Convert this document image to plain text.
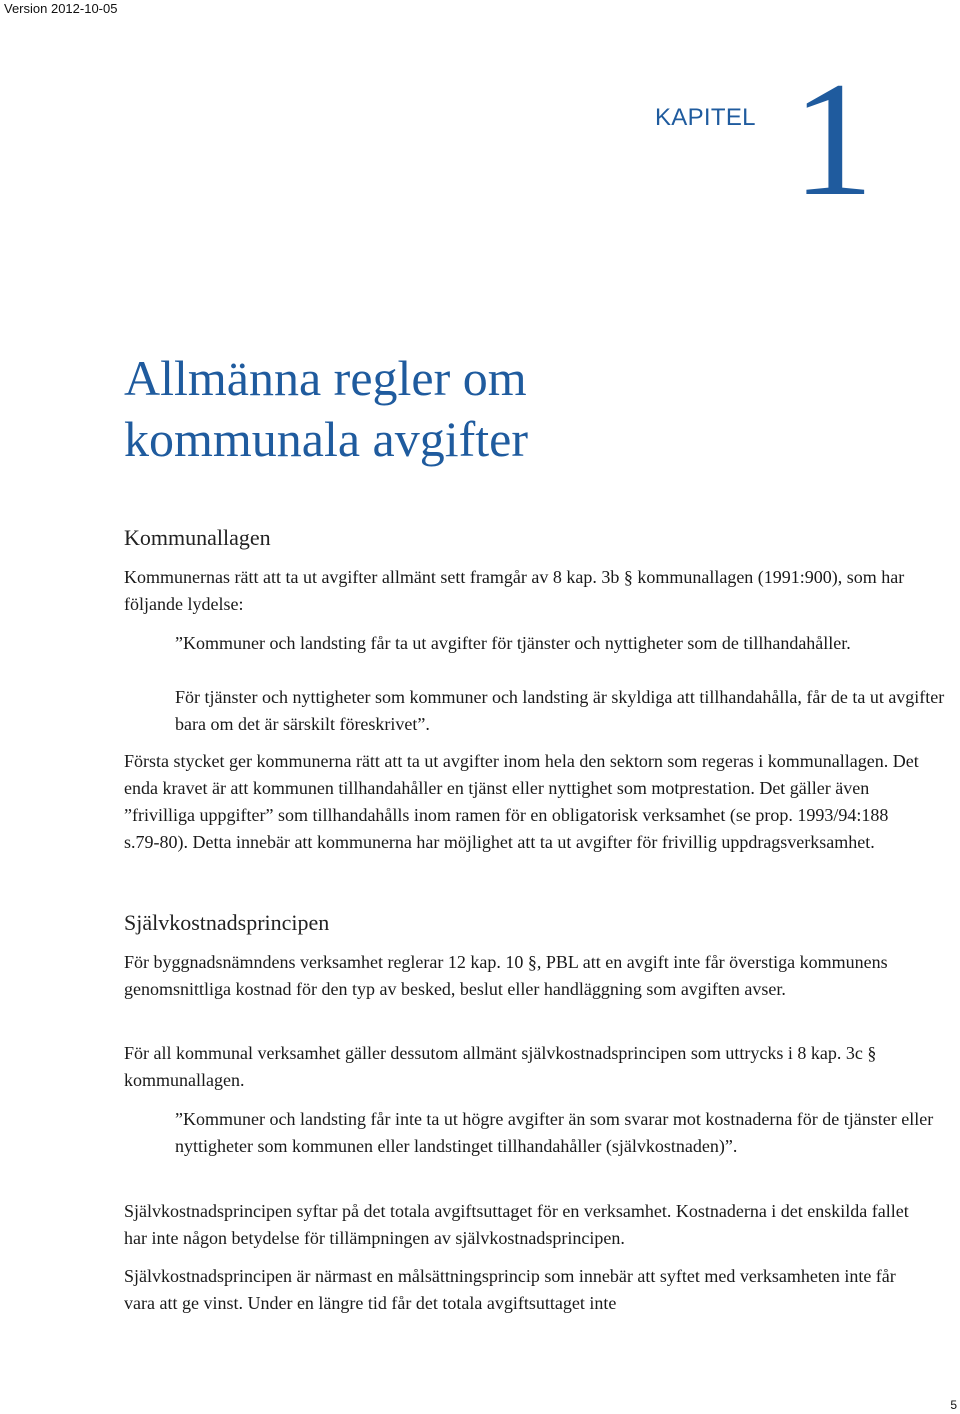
Version 2012-10-05
KAPITEL 1
Allmänna regler om
kommunala avgifter
Kommunallagen

Kommunernas rätt att ta ut avgifter allmänt sett framgår av 8 kap. 3b § kommunallagen (1991:900), som har följande lydelse:

”Kommuner och landsting får ta ut avgifter för tjänster och nyttigheter som de tillhandahåller.

För tjänster och nyttigheter som kommuner och landsting är skyldiga att tillhandahålla, får de ta ut avgifter bara om det är särskilt föreskrivet”.

Första stycket ger kommunerna rätt att ta ut avgifter inom hela den sektorn som regeras i kommunallagen. Det enda kravet är att kommunen tillhandahåller en tjänst eller nyttighet som motprestation. Det gäller även ”frivilliga uppgifter” som tillhandahålls inom ramen för en obligatorisk verksamhet (se prop. 1993/94:188 s.79-80). Detta innebär att kommunerna har möjlighet att ta ut avgifter för frivillig uppdragsverksamhet.

Självkostnadsprincipen

För byggnadsnämndens verksamhet reglerar 12 kap. 10 §, PBL att en avgift inte får överstiga kommunens genomsnittliga kostnad för den typ av besked, beslut eller handläggning som avgiften avser.

För all kommunal verksamhet gäller dessutom allmänt självkostnadsprincipen som uttrycks i 8 kap. 3c § kommunallagen.

”Kommuner och landsting får inte ta ut högre avgifter än som svarar mot kostnaderna för de tjänster eller nyttigheter som kommunen eller landstinget tillhandahåller (självkostnaden)”.

Självkostnadsprincipen syftar på det totala avgiftsuttaget för en verksamhet. Kostnaderna i det enskilda fallet har inte någon betydelse för tillämpningen av självkostnadsprincipen.

Självkostnadsprincipen är närmast en målsättningsprincip som innebär att syftet med verksamheten inte får vara att ge vinst. Under en längre tid får det totala avgiftsuttaget inte

5
